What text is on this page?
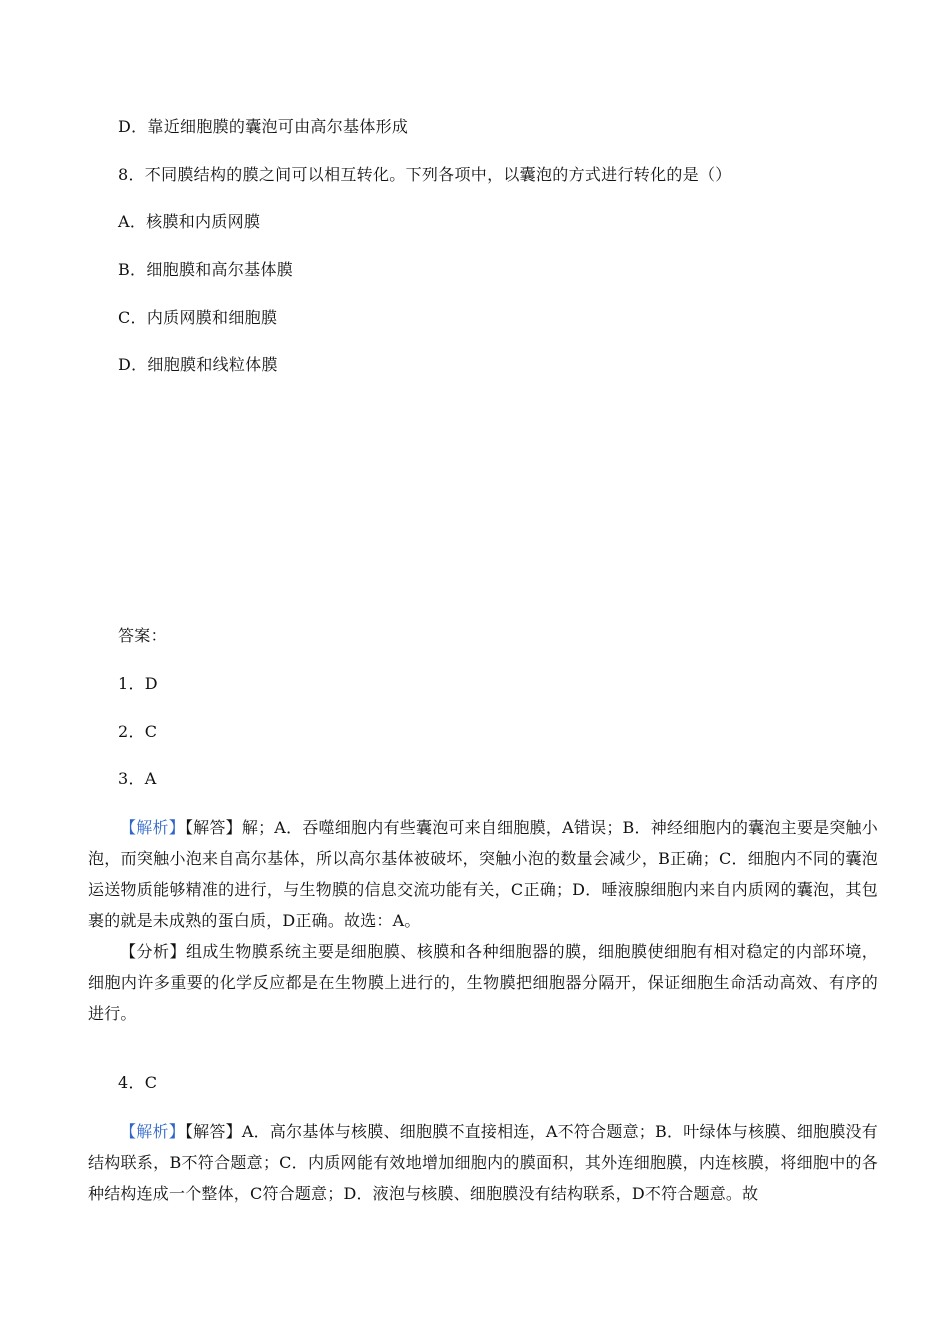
D．靠近细胞膜的囊泡可由高尔基体形成
8．不同膜结构的膜之间可以相互转化。下列各项中，以囊泡的方式进行转化的是（）
A．核膜和内质网膜
B．细胞膜和高尔基体膜
C．内质网膜和细胞膜
D．细胞膜和线粒体膜
答案：
1．D
2．C
3．A
【解析】【解答】解；A．吞噬细胞内有些囊泡可来自细胞膜，A错误；B．神经细胞内的囊泡主要是突触小泡，而突触小泡来自高尔基体，所以高尔基体被破坏，突触小泡的数量会减少，B正确；C．细胞内不同的囊泡运送物质能够精准的进行，与生物膜的信息交流功能有关，C正确；D．唾液腺细胞内来自内质网的囊泡，其包裹的就是未成熟的蛋白质，D正确。故选：A。
【分析】组成生物膜系统主要是细胞膜、核膜和各种细胞器的膜，细胞膜使细胞有相对稳定的内部环境，细胞内许多重要的化学反应都是在生物膜上进行的，生物膜把细胞器分隔开，保证细胞生命活动高效、有序的进行。
4．C
【解析】【解答】A．高尔基体与核膜、细胞膜不直接相连，A不符合题意；B．叶绿体与核膜、细胞膜没有结构联系，B不符合题意；C．内质网能有效地增加细胞内的膜面积，其外连细胞膜，内连核膜，将细胞中的各种结构连成一个整体，C符合题意；D．液泡与核膜、细胞膜没有结构联系，D不符合题意。故
